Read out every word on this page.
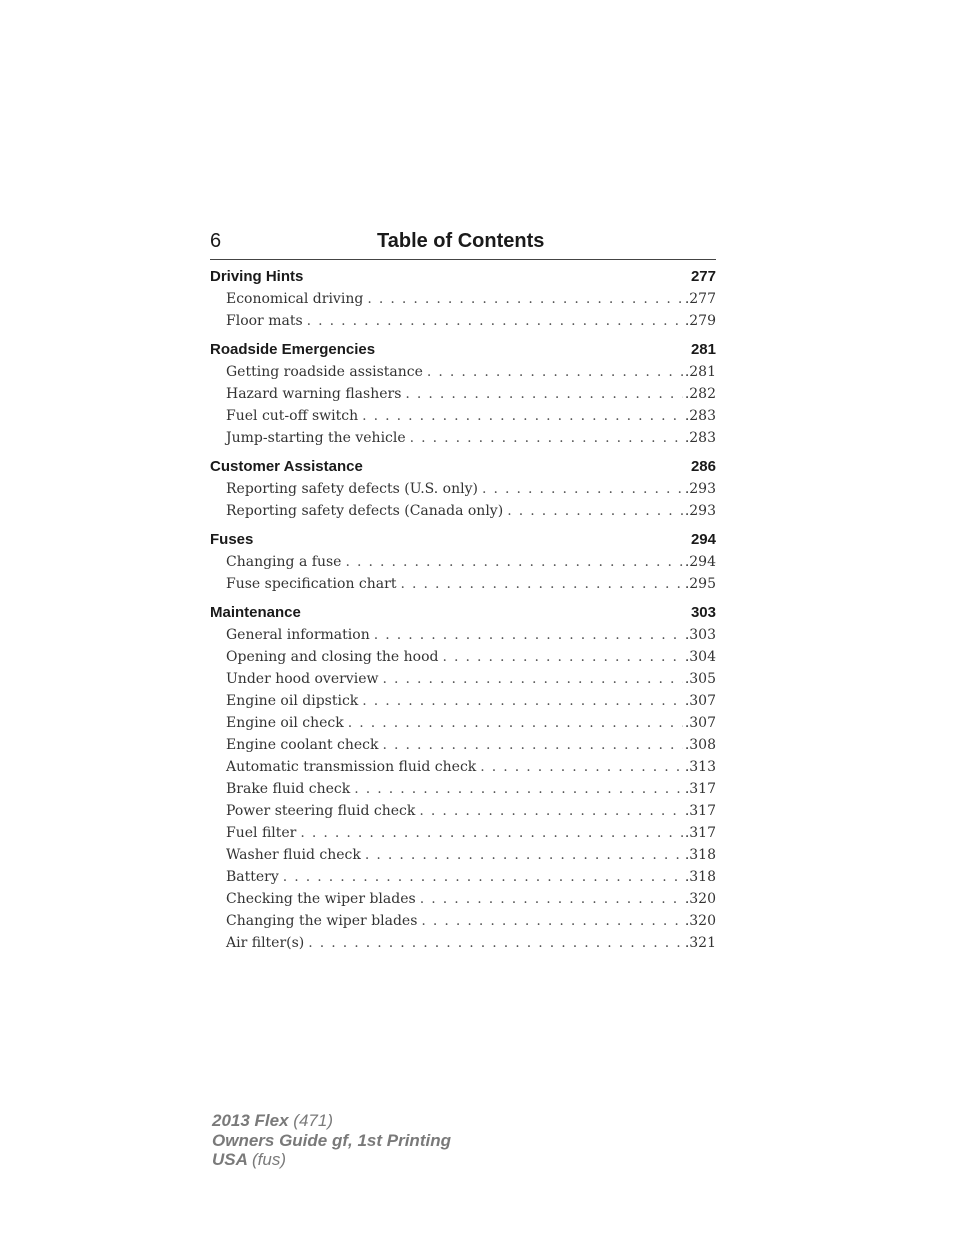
6	Table of Contents
Driving Hints	277
Economical driving . . .	.277
Floor mats . . .	.279
Roadside Emergencies	281
Getting roadside assistance . . .	.281
Hazard warning flashers . . .	.282
Fuel cut-off switch . . .	.283
Jump-starting the vehicle . . .	.283
Customer Assistance	286
Reporting safety defects (U.S. only) . . .	.293
Reporting safety defects (Canada only) . . .	.293
Fuses	294
Changing a fuse . . .	.294
Fuse specification chart . . .	.295
Maintenance	303
General information . . .	.303
Opening and closing the hood . . .	.304
Under hood overview . . .	.305
Engine oil dipstick . . .	.307
Engine oil check . . .	.307
Engine coolant check . . .	.308
Automatic transmission fluid check . . .	.313
Brake fluid check . . .	.317
Power steering fluid check . . .	.317
Fuel filter . . .	.317
Washer fluid check . . .	.318
Battery . . .	.318
Checking the wiper blades . . .	.320
Changing the wiper blades . . .	.320
Air filter(s) . . .	.321
2013 Flex (471)
Owners Guide gf, 1st Printing
USA (fus)
